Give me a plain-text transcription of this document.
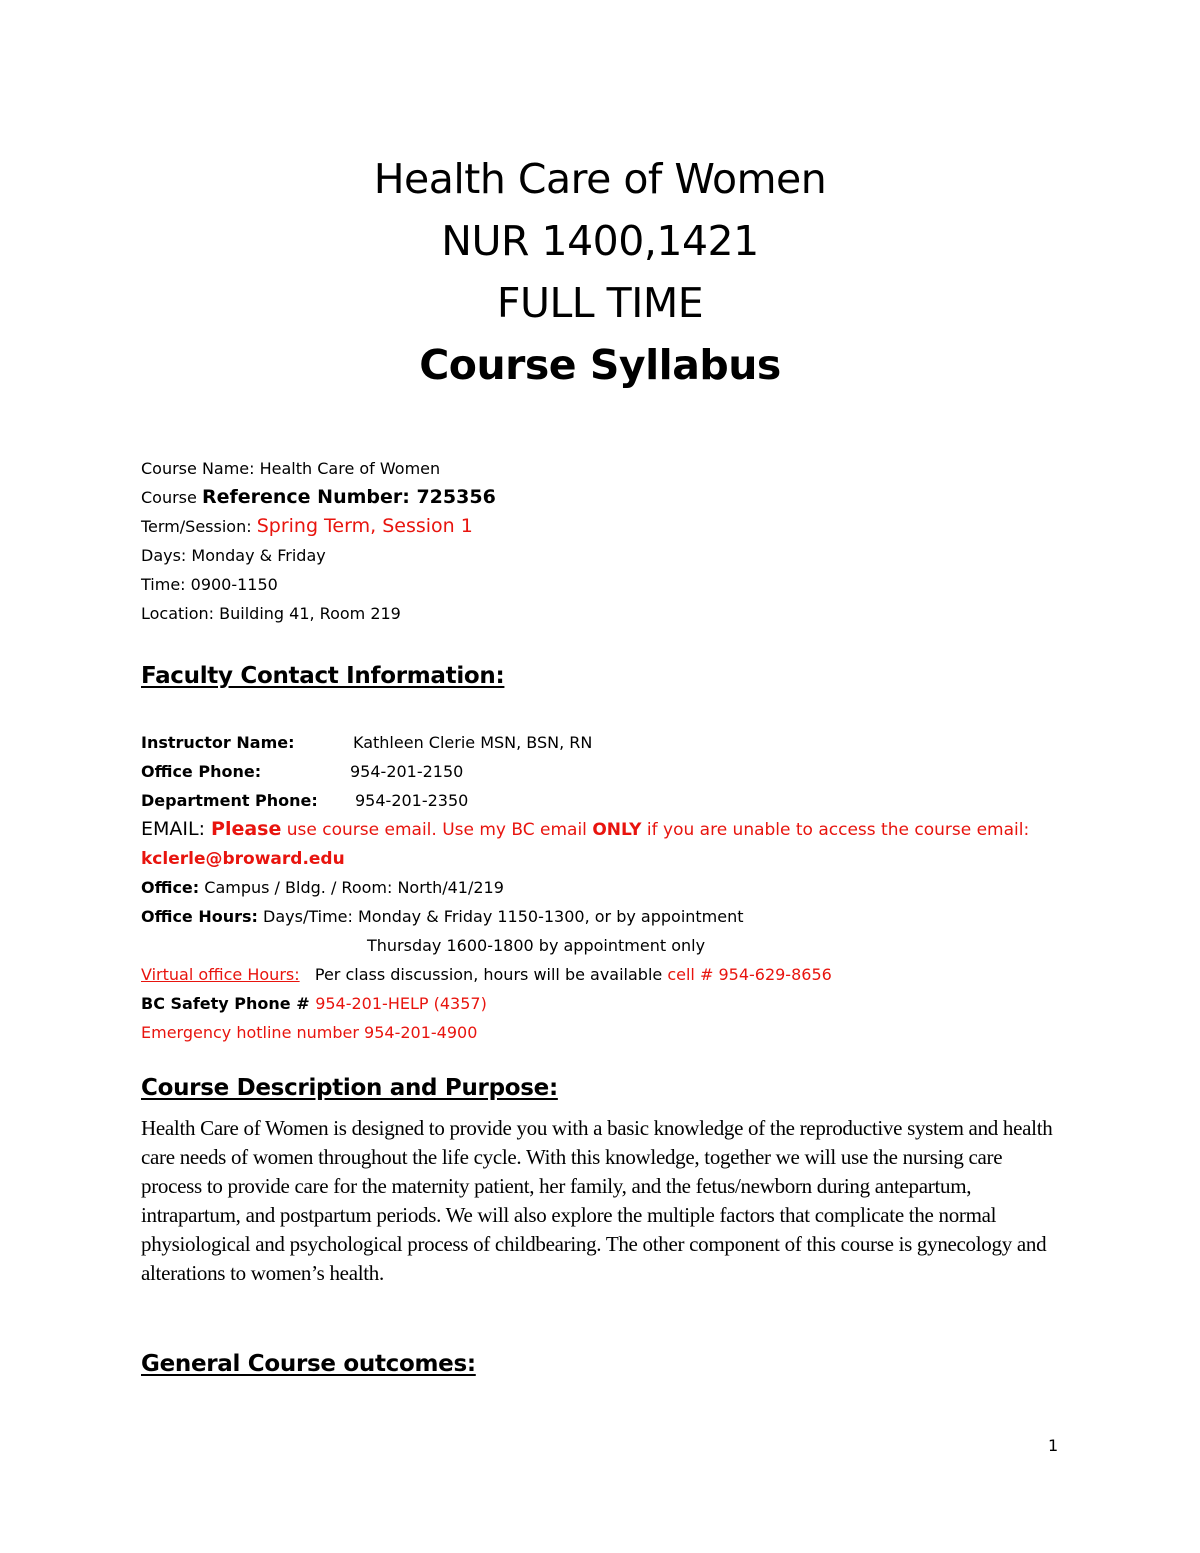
Health Care of Women
NUR 1400,1421
FULL TIME
Course Syllabus
Course Name: Health Care of Women
Course Reference Number: 725356
Term/Session: Spring Term, Session 1
Days: Monday & Friday
Time: 0900-1150
Location: Building 41, Room 219
Faculty Contact Information:
Instructor Name:	Kathleen Clerie MSN, BSN, RN
Office Phone:	954-201-2150
Department Phone: 954-201-2350
EMAIL: Please use course email. Use my BC email ONLY if you are unable to access the course email:
kclerle@broward.edu
Office: Campus / Bldg. / Room: North/41/219
Office Hours: Days/Time: Monday & Friday 1150-1300, or by appointment
Thursday 1600-1800 by appointment only
Virtual office Hours:   Per class discussion, hours will be available cell # 954-629-8656
BC Safety Phone # 954-201-HELP (4357)
Emergency hotline number 954-201-4900
Course Description and Purpose:
Health Care of Women is designed to provide you with a basic knowledge of the reproductive system and health care needs of women throughout the life cycle. With this knowledge, together we will use the nursing care process to provide care for the maternity patient, her family, and the fetus/newborn during antepartum, intrapartum, and postpartum periods. We will also explore the multiple factors that complicate the normal physiological and psychological process of childbearing. The other component of this course is gynecology and alterations to women’s health.
General Course outcomes:
1
